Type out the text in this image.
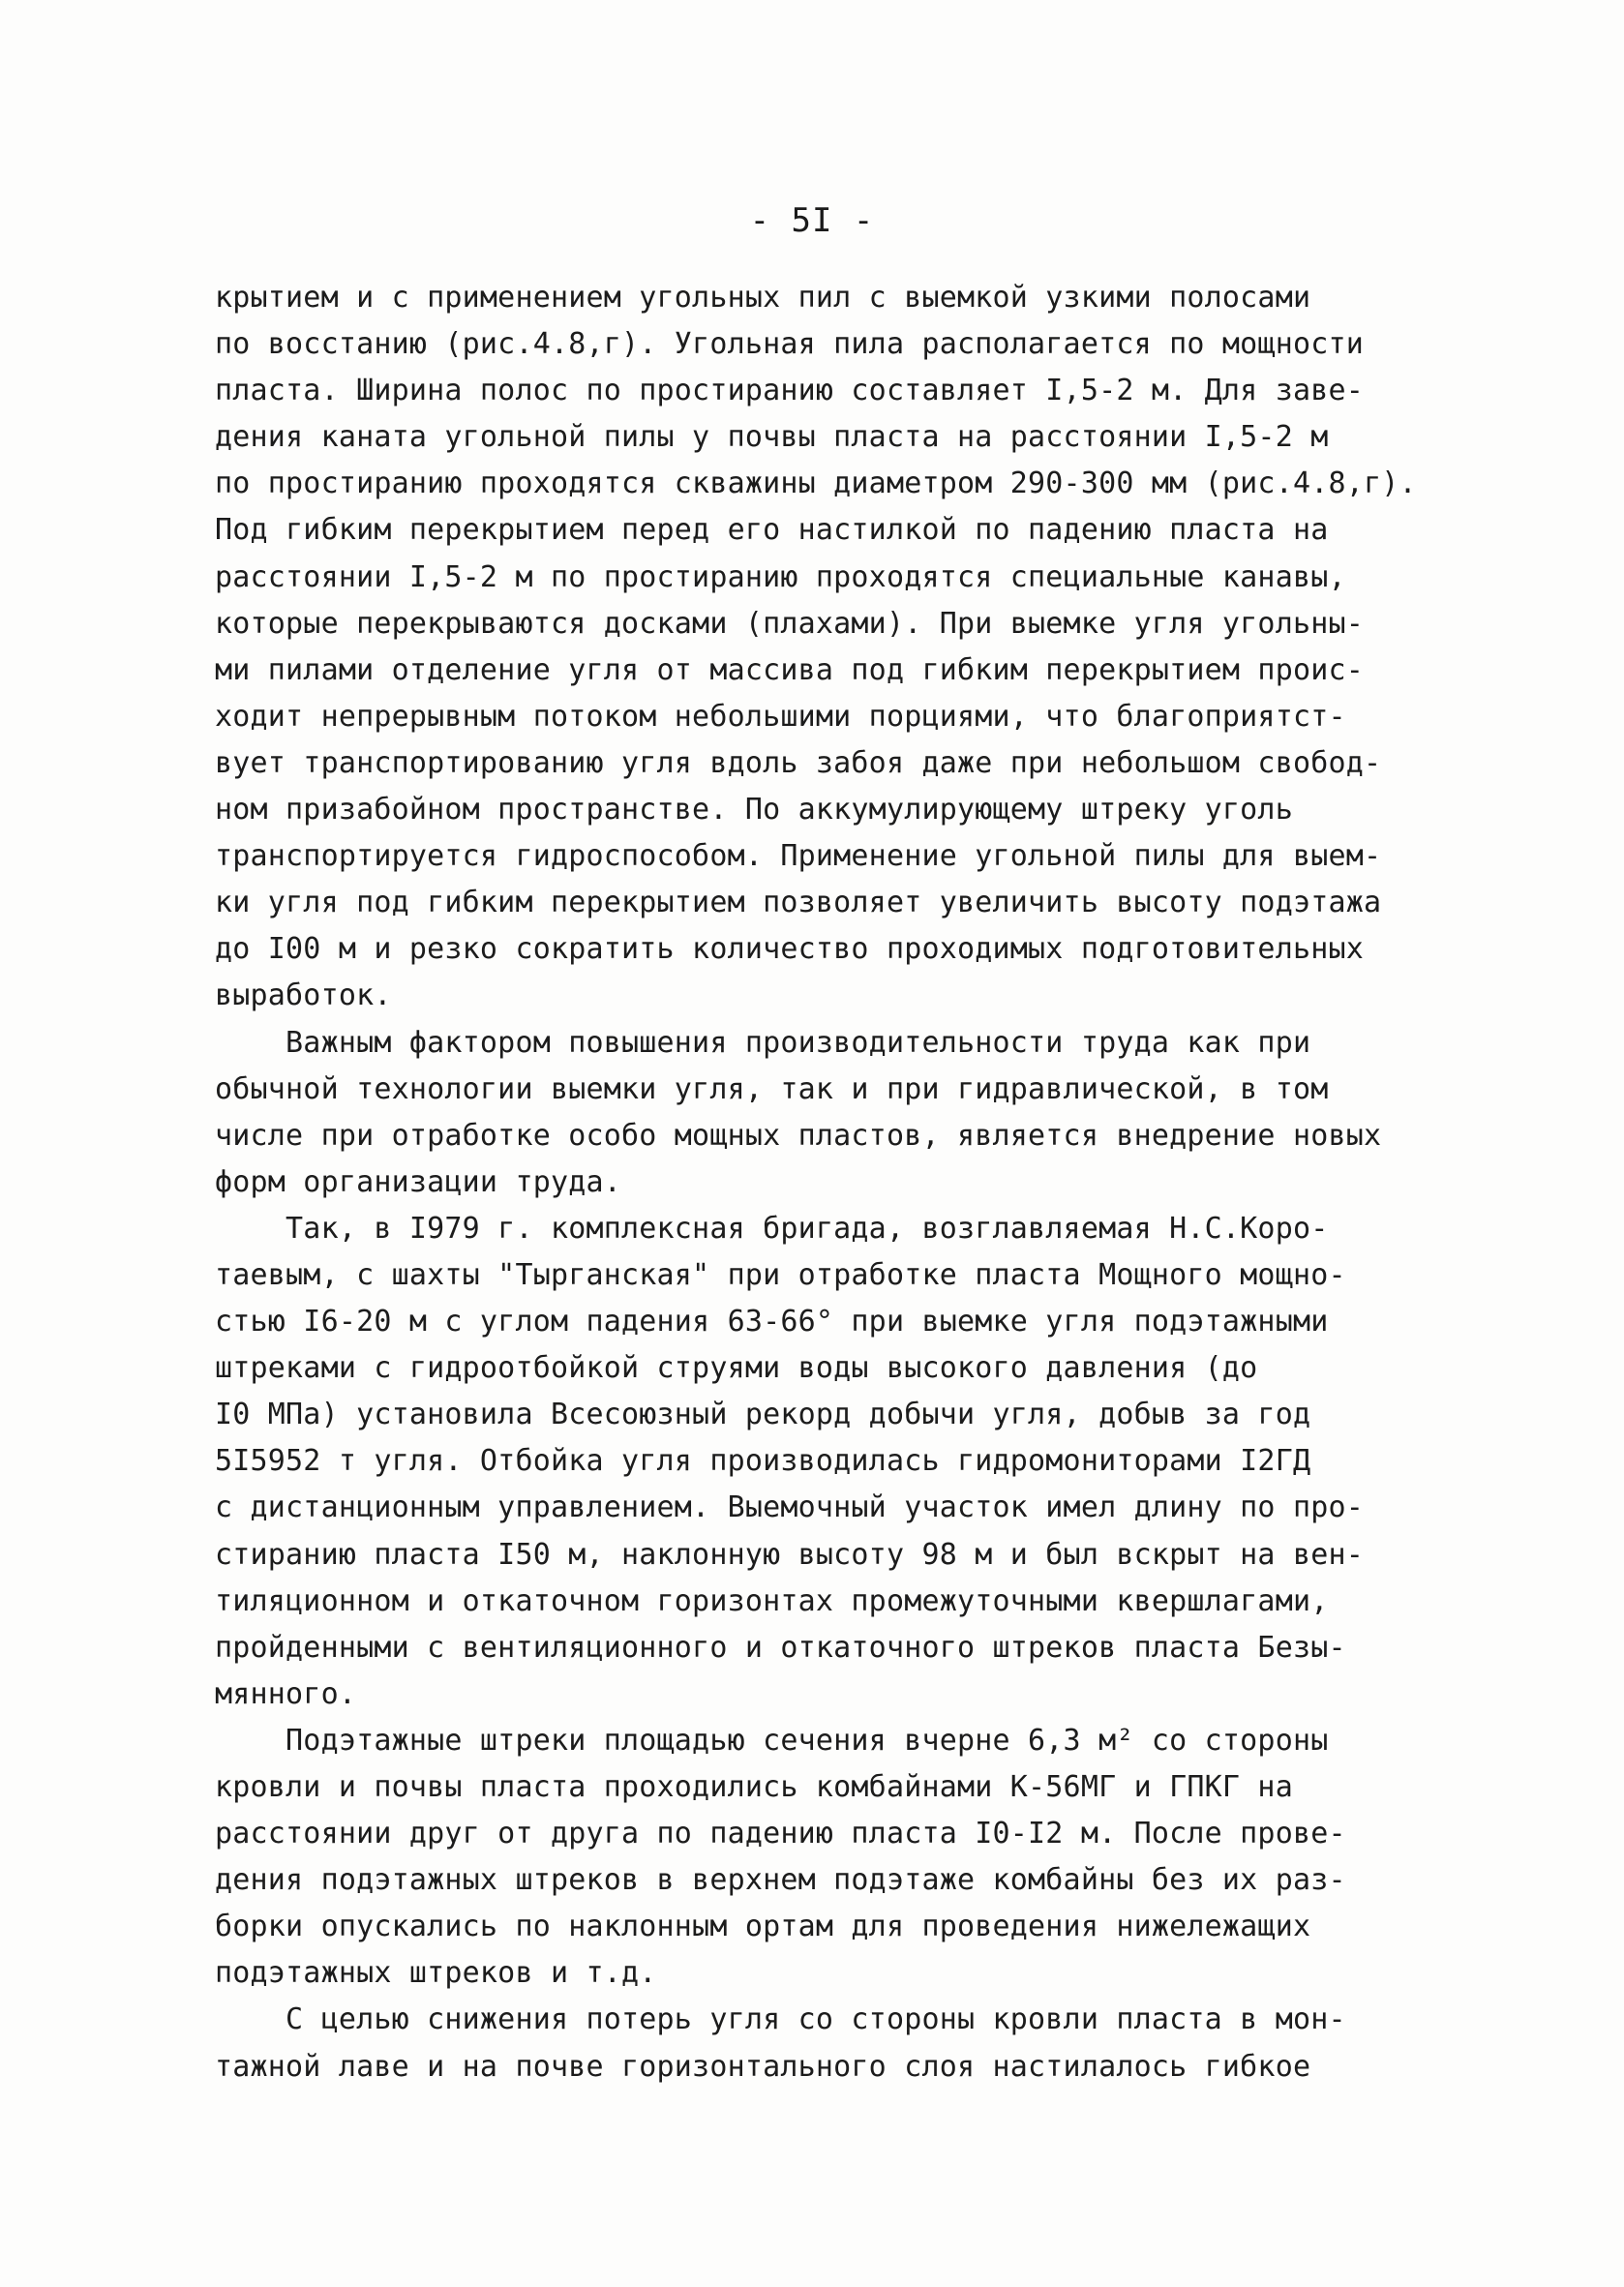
- 5I -
крытием и с применением угольных пил с выемкой узкими полосами
по восстанию (рис.4.8,г). Угольная пила располагается по мощности
пласта. Ширина полос по простиранию составляет I,5-2 м. Для заве-
дения каната угольной пилы у почвы пласта на расстоянии I,5-2 м
по простиранию проходятся скважины диаметром 290-300 мм (рис.4.8,г).
Под гибким перекрытием перед его настилкой по падению пласта на
расстоянии I,5-2 м по простиранию проходятся специальные канавы,
которые перекрываются досками (плахами). При выемке угля угольны-
ми пилами отделение угля от массива под гибким перекрытием проис-
ходит непрерывным потоком небольшими порциями, что благоприятст-
вует транспортированию угля вдоль забоя даже при небольшом свобод-
ном призабойном пространстве. По аккумулирующему штреку уголь
транспортируется гидроспособом. Применение угольной пилы для выем-
ки угля под гибким перекрытием позволяет увеличить высоту подэтажа
до I00 м и резко сократить количество проходимых подготовительных
выработок.
Важным фактором повышения производительности труда как при
обычной технологии выемки угля, так и при гидравлической, в том
числе при отработке особо мощных пластов, является внедрение новых
форм организации труда.
Так, в I979 г. комплексная бригада, возглавляемая Н.С.Коро-
таевым, с шахты "Тырганская" при отработке пласта Мощного мощно-
стью I6-20 м с углом падения 63-66° при выемке угля подэтажными
штреками с гидроотбойкой струями воды высокого давления (до
I0 МПа) установила Всесоюзный рекорд добычи угля, добыв за год
5I5952 т угля. Отбойка угля производилась гидромониторами I2ГД
с дистанционным управлением. Выемочный участок имел длину по про-
стиранию пласта I50 м, наклонную высоту 98 м и был вскрыт на вен-
тиляционном и откаточном горизонтах промежуточными квершлагами,
пройденными с вентиляционного и откаточного штреков пласта Безы-
мянного.
Подэтажные штреки площадью сечения вчерне 6,3 м² со стороны
кровли и почвы пласта проходились комбайнами К-56МГ и ГПКГ на
расстоянии друг от друга по падению пласта I0-I2 м. После прове-
дения подэтажных штреков в верхнем подэтаже комбайны без их раз-
борки опускались по наклонным ортам для проведения нижележащих
подэтажных штреков и т.д.
С целью снижения потерь угля со стороны кровли пласта в мон-
тажной лаве и на почве горизонтального слоя настилалось гибкое
